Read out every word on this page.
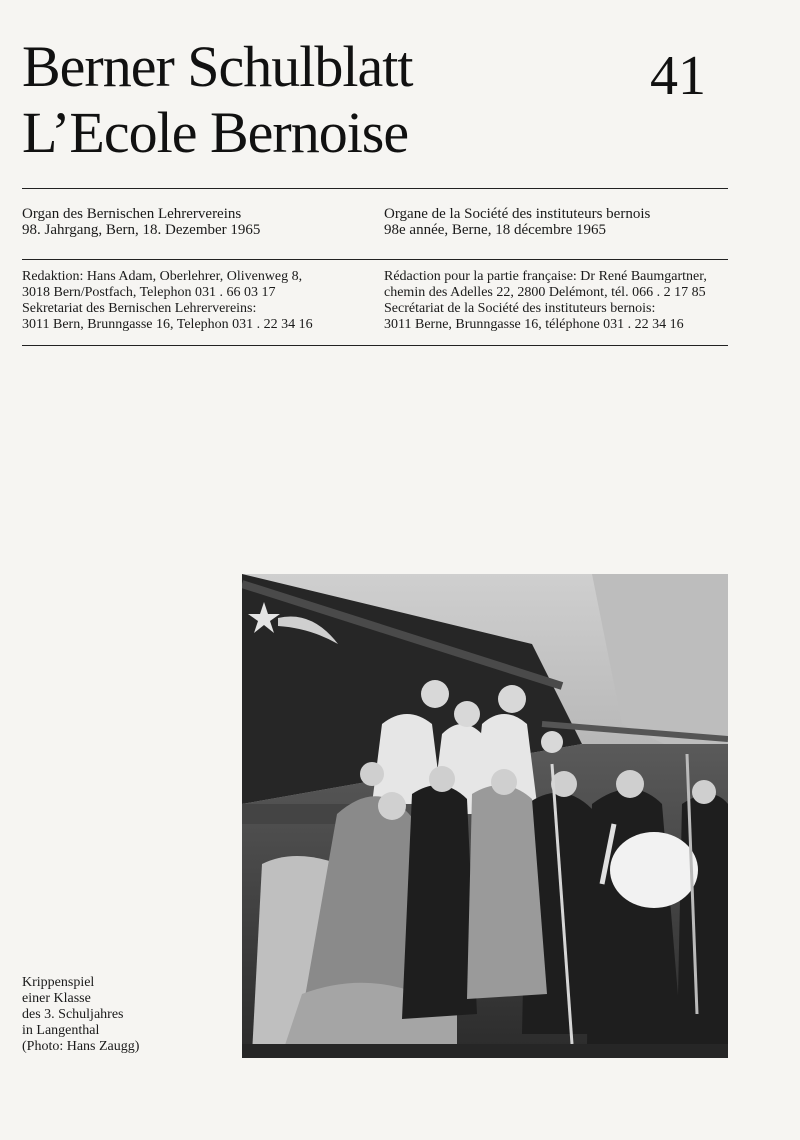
Berner Schulblatt
L’Ecole Bernoise
41
Organ des Bernischen Lehrervereins
98. Jahrgang, Bern, 18. Dezember 1965
Organe de la Société des instituteurs bernois
98e année, Berne, 18 décembre 1965
Redaktion: Hans Adam, Oberlehrer, Olivenweg 8,
3018 Bern/Postfach, Telephon 031 . 66 03 17
Sekretariat des Bernischen Lehrervereins:
3011 Bern, Brunngasse 16, Telephon 031 . 22 34 16
Rédaction pour la partie française: Dr René Baumgartner,
chemin des Adelles 22, 2800 Delémont, tél. 066 . 2 17 85
Secrétariat de la Société des instituteurs bernois:
3011 Berne, Brunngasse 16, téléphone 031 . 22 34 16
Krippenspiel
einer Klasse
des 3. Schuljahres
in Langenthal
(Photo: Hans Zaugg)
